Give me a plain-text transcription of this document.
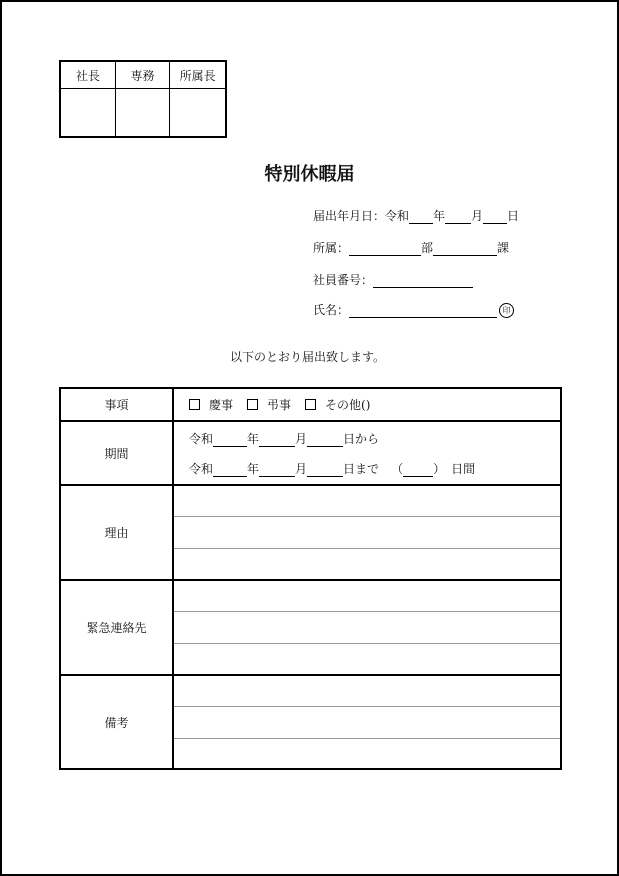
社長	専務	所属長
特別休暇届
届出年月日：令和 年 月 日
所属：	部	課
社員番号：
氏名：	印
以下のとおり届出致します。
事項	慶事	弔事	その他()
期間
令和	年	月	日から
令和	年	月	日まで （	） 日間
理由
緊急連絡先
備考
